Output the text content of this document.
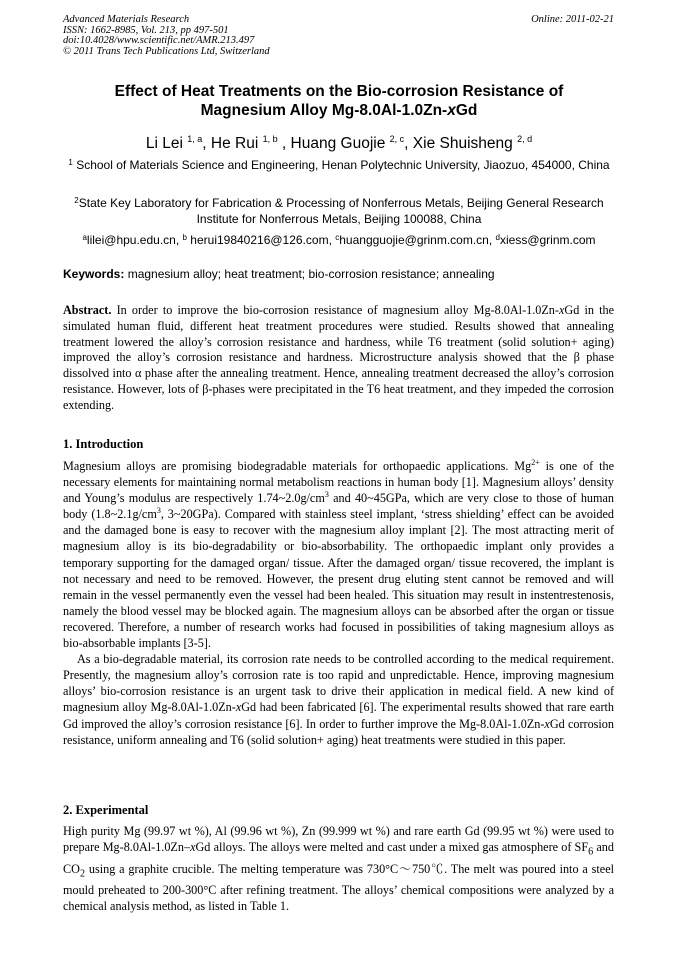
Advanced Materials Research
ISSN: 1662-8985, Vol. 213, pp 497-501
doi:10.4028/www.scientific.net/AMR.213.497
© 2011 Trans Tech Publications Ltd, Switzerland
Online: 2011-02-21
Effect of Heat Treatments on the Bio-corrosion Resistance of
Magnesium Alloy Mg-8.0Al-1.0Zn-xGd
Li Lei $^{1, a}$, He Rui $^{1, b}$ , Huang Guojie $^{2, c}$, Xie Shuisheng $^{2, d}$
$^1$ School of Materials Science and Engineering, Henan Polytechnic University, Jiaozuo, 454000, China
$^2$State Key Laboratory for Fabrication & Processing of Nonferrous Metals, Beijing General Research Institute for Nonferrous Metals, Beijing 100088, China
$^a$lilei@hpu.edu.cn, $^b$ herui19840216@126.com, $^c$huangguojie@grinm.com.cn, $^d$xiess@grinm.com
Keywords: magnesium alloy; heat treatment; bio-corrosion resistance; annealing
Abstract. In order to improve the bio-corrosion resistance of magnesium alloy Mg-8.0Al-1.0Zn-xGd in the simulated human fluid, different heat treatment procedures were studied. Results showed that annealing treatment lowered the alloy’s corrosion resistance and hardness, while T6 treatment (solid solution+ aging) improved the alloy’s corrosion resistance and hardness. Microstructure analysis showed that the β phase dissolved into α phase after the annealing treatment. Hence, annealing treatment decreased the alloy’s corrosion resistance. However, lots of β-phases were precipitated in the T6 heat treatment, and they impeded the corrosion extending.
1. Introduction

Magnesium alloys are promising biodegradable materials for orthopaedic applications. $Mg^{2+}$ is one of the necessary elements for maintaining normal metabolism reactions in human body [1]. Magnesium alloys’ density and Young’s modulus are respectively $1.74\sim 2.0g/cm^3$ and 40~45GPa, which are very close to those of human body ($1.8\sim 2.1g/cm^3$, 3~20GPa). Compared with stainless steel implant, ‘stress shielding’ effect can be avoided and the damaged bone is easy to recover with the magnesium alloy implant [2]. The most attracting merit of magnesium alloy is its bio-degradability or bio-absorbability. The orthopaedic implant only provides a temporary supporting for the damaged organ/ tissue. After the damaged organ/ tissue recovered, the implant is not necessary and need to be removed. However, the present drug eluting stent cannot be removed and will remain in the vessel permanently even the vessel had been healed. This situation may result in instentrestenosis, namely the blood vessel may be blocked again. The magnesium alloys can be absorbed after the organ or tissue recovered. Therefore, a number of research works had focused in possibilities of taking magnesium alloys as bio-absorbable implants [3-5].

As a bio-degradable material, its corrosion rate needs to be controlled according to the medical requirement. Presently, the magnesium alloy’s corrosion rate is too rapid and unpredictable. Hence, improving magnesium alloys’ bio-corrosion resistance is an urgent task to drive their application in medical field. A new kind of magnesium alloy Mg-8.0Al-1.0Zn-xGd had been fabricated [6]. The experimental results showed that rare earth Gd improved the alloy’s corrosion resistance [6]. In order to further improve the Mg-8.0Al-1.0Zn-xGd corrosion resistance, uniform annealing and T6 (solid solution+ aging) heat treatments were studied in this paper.

2. Experimental

High purity Mg (99.97 wt %), Al (99.96 wt %), Zn (99.999 wt %) and rare earth Gd (99.95 wt %) were used to prepare Mg-8.0Al-1.0Zn–xGd alloys. The alloys were melted and cast under a mixed gas atmosphere of $SF_6$ and $CO_2$ using a graphite crucible. The melting temperature was 730°C～750℃. The melt was poured into a steel mould preheated to 200-300°C after refining treatment. The alloys’ chemical compositions were analyzed by a chemical analysis method, as listed in Table 1.
